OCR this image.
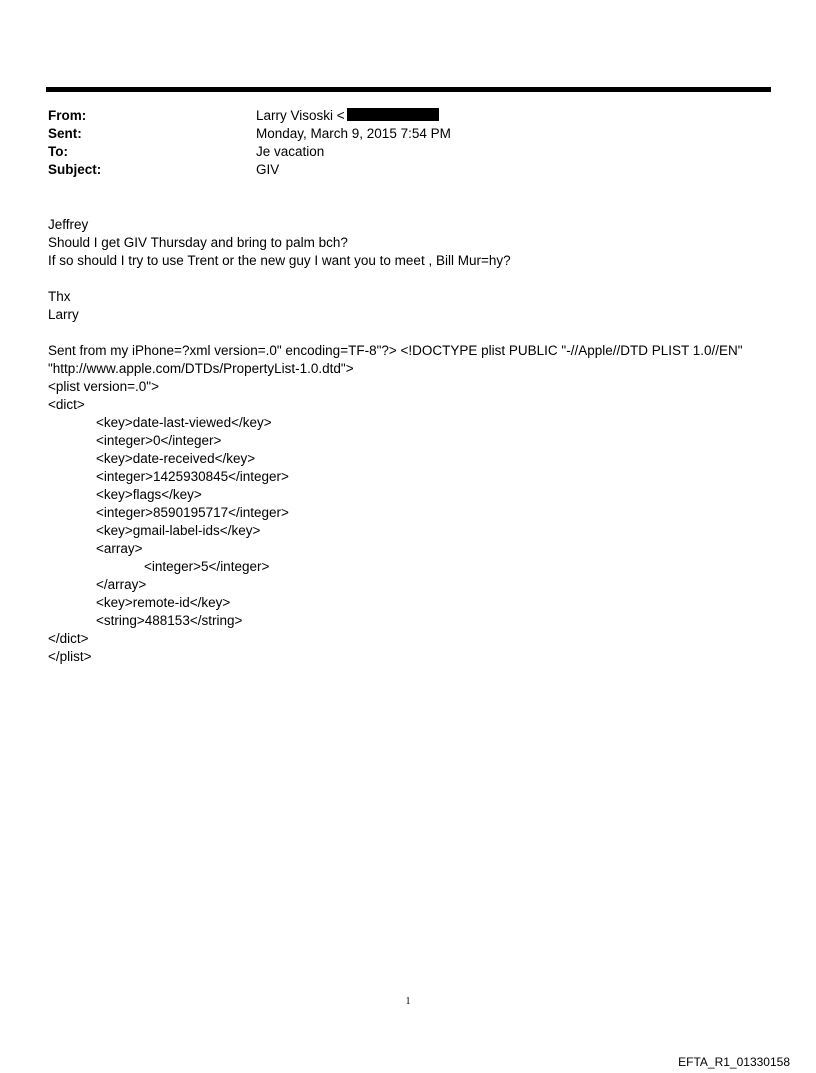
From:	Larry Visoski <
Sent:	Monday, March 9, 2015 7:54 PM
To:	Je vacation
Subject:	GIV
Jeffrey
Should I get GIV Thursday and bring to palm bch?
If so should I try to use Trent or the new guy I want you to meet , Bill Mur=hy?
Thx
Larry
Sent from my iPhone=?xml version=.0" encoding=TF-8"?> <!DOCTYPE plist PUBLIC "-//Apple//DTD PLIST 1.0//EN"
"http://www.apple.com/DTDs/PropertyList-1.0.dtd">
<plist version=.0">
<dict>
<key>date-last-viewed</key>
<integer>0</integer>
<key>date-received</key>
<integer>1425930845</integer>
<key>flags</key>
<integer>8590195717</integer>
<key>gmail-label-ids</key>
<array>
<integer>5</integer>
</array>
<key>remote-id</key>
<string>488153</string>
</dict>
</plist>
1
EFTA_R1_01330158
